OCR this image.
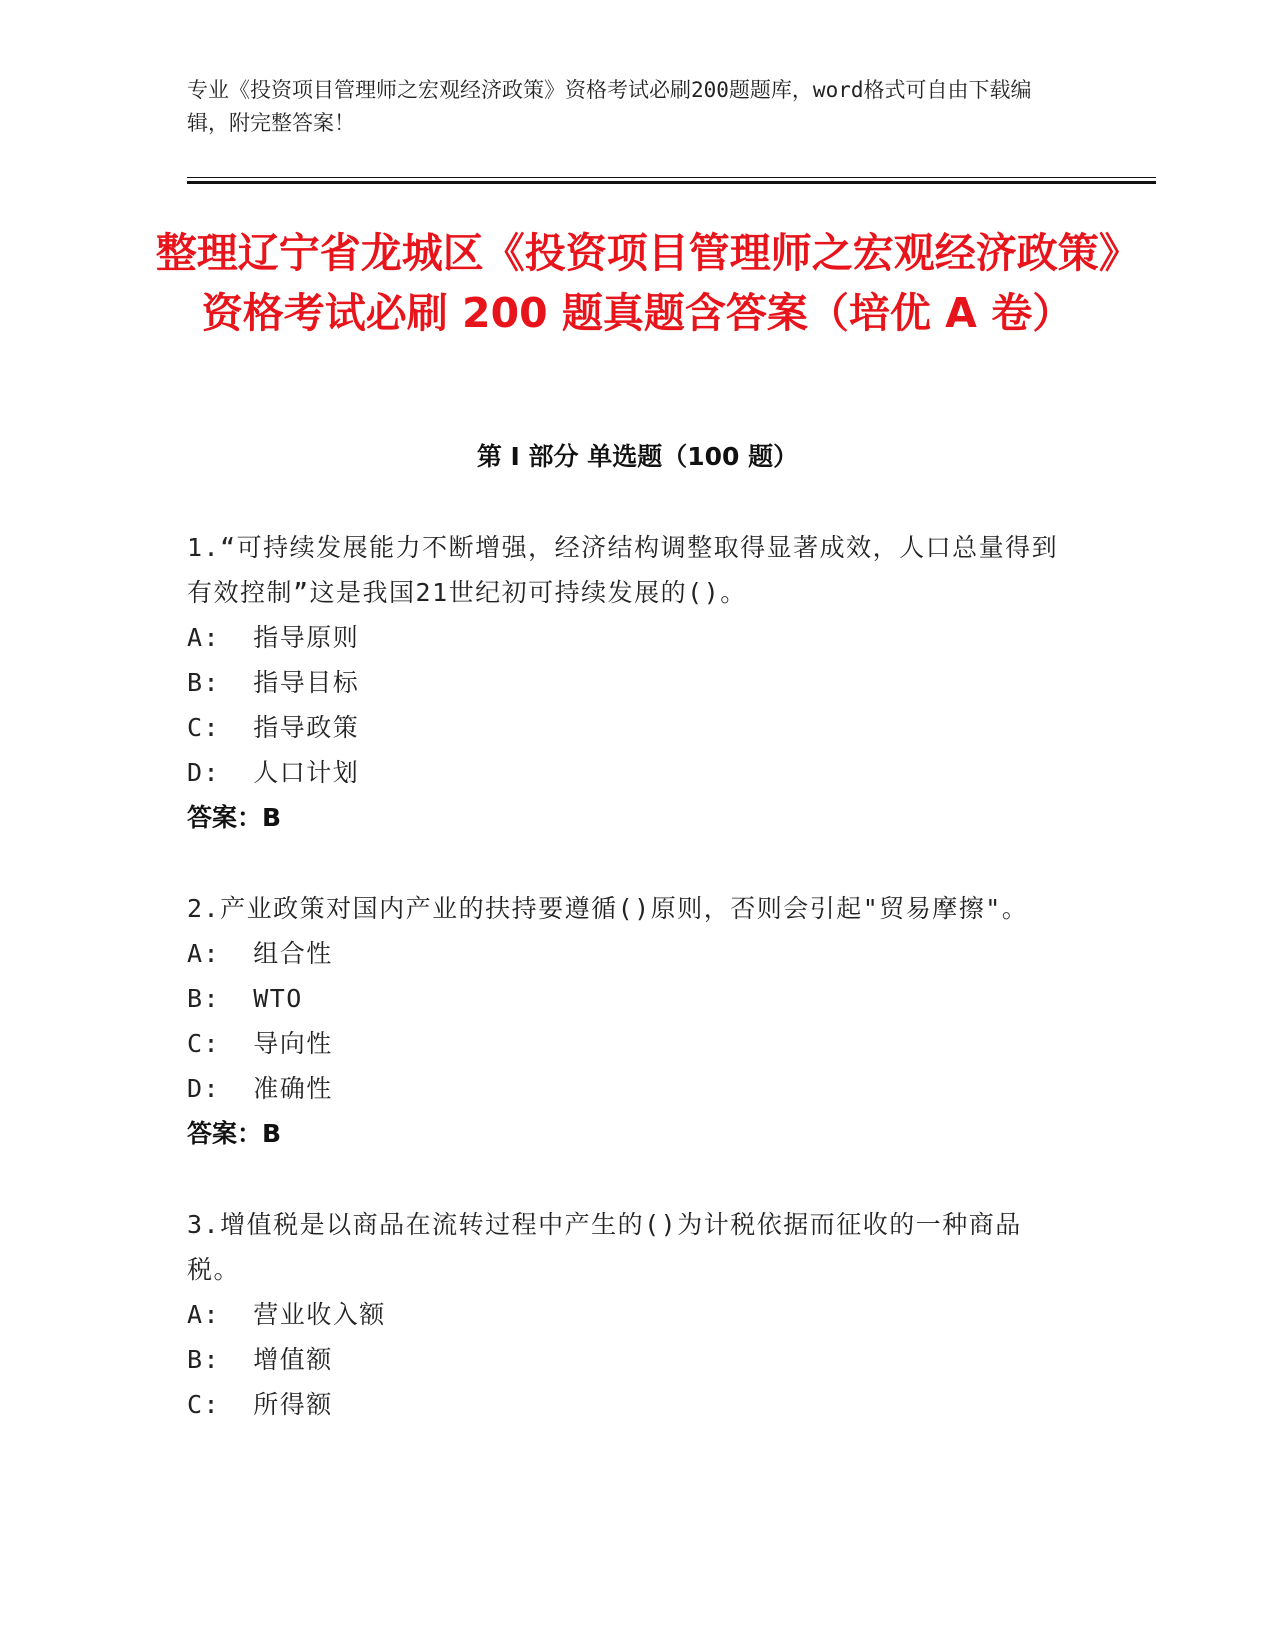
专业《投资项目管理师之宏观经济政策》资格考试必刷200题题库，word格式可自由下载编辑，附完整答案！
整理辽宁省龙城区《投资项目管理师之宏观经济政策》资格考试必刷 200 题真题含答案（培优 A 卷）
第 I 部分 单选题（100 题）
1.“可持续发展能力不断增强，经济结构调整取得显著成效，人口总量得到有效控制”这是我国21世纪初可持续发展的()。
A:  指导原则
B:  指导目标
C:  指导政策
D:  人口计划
答案：B
2.产业政策对国内产业的扶持要遵循()原则，否则会引起"贸易摩擦"。
A:  组合性
B:  WTO
C:  导向性
D:  准确性
答案：B
3.增值税是以商品在流转过程中产生的()为计税依据而征收的一种商品税。
A:  营业收入额
B:  增值额
C:  所得额
